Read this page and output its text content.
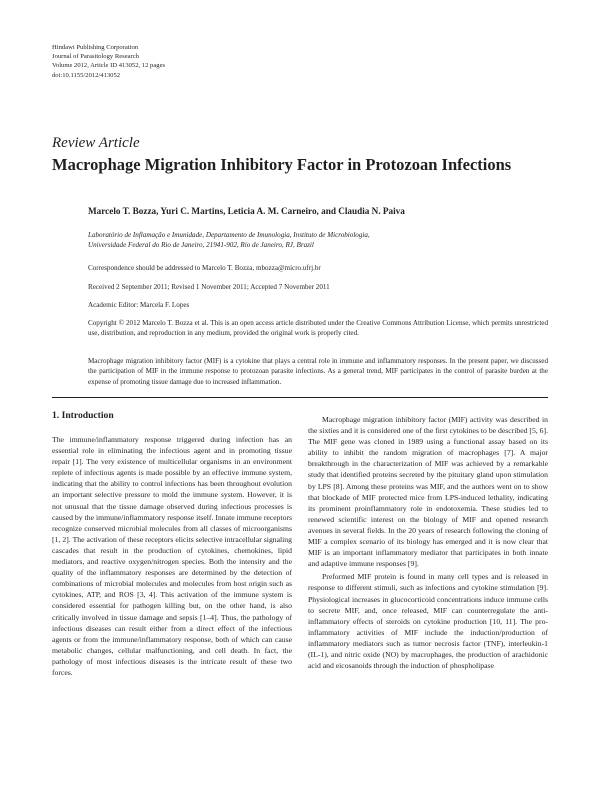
Hindawi Publishing Corporation
Journal of Parasitology Research
Volume 2012, Article ID 413052, 12 pages
doi:10.1155/2012/413052
Review Article
Macrophage Migration Inhibitory Factor in Protozoan Infections
Marcelo T. Bozza, Yuri C. Martins, Leticia A. M. Carneiro, and Claudia N. Paiva
Laboratório de Inflamação e Imunidade, Departamento de Imunologia, Instituto de Microbiologia,
Universidade Federal do Rio de Janeiro, 21941-902, Rio de Janeiro, RJ, Brazil
Correspondence should be addressed to Marcelo T. Bozza, mbozza@micro.ufrj.br
Received 2 September 2011; Revised 1 November 2011; Accepted 7 November 2011
Academic Editor: Marcela F. Lopes
Copyright © 2012 Marcelo T. Bozza et al. This is an open access article distributed under the Creative Commons Attribution License, which permits unrestricted use, distribution, and reproduction in any medium, provided the original work is properly cited.
Macrophage migration inhibitory factor (MIF) is a cytokine that plays a central role in immune and inflammatory responses. In the present paper, we discussed the participation of MIF in the immune response to protozoan parasite infections. As a general trend, MIF participates in the control of parasite burden at the expense of promoting tissue damage due to increased inflammation.
1. Introduction

The immune/inflammatory response triggered during infection has an essential role in eliminating the infectious agent and in promoting tissue repair [1]. The very existence of multicellular organisms in an environment replete of infectious agents is made possible by an effective immune system, indicating that the ability to control infections has been throughout evolution an important selective pressure to mold the immune system. However, it is not unusual that the tissue damage observed during infectious processes is caused by the immune/inflammatory response itself. Innate immune receptors recognize conserved microbial molecules from all classes of microorganisms [1, 2]. The activation of these receptors elicits selective intracellular signaling cascades that result in the production of cytokines, chemokines, lipid mediators, and reactive oxygen/nitrogen species. Both the intensity and the quality of the inflammatory responses are determined by the detection of combinations of microbial molecules and molecules from host origin such as cytokines, ATP, and ROS [3, 4]. This activation of the immune system is considered essential for pathogen killing but, on the other hand, is also critically involved in tissue damage and sepsis [1–4]. Thus, the pathology of infectious diseases can result either from a direct effect of the infectious agents or from the immune/inflammatory response, both of which can cause metabolic changes, cellular malfunctioning, and cell death. In fact, the pathology of most infectious diseases is the intricate result of these two forces.

Macrophage migration inhibitory factor (MIF) activity was described in the sixties and it is considered one of the first cytokines to be described [5, 6]. The MIF gene was cloned in 1989 using a functional assay based on its ability to inhibit the random migration of macrophages [7]. A major breakthrough in the characterization of MIF was achieved by a remarkable study that identified proteins secreted by the pituitary gland upon stimulation by LPS [8]. Among these proteins was MIF, and the authors went on to show that blockade of MIF protected mice from LPS-induced lethality, indicating its prominent proinflammatory role in endotoxemia. These studies led to renewed scientific interest on the biology of MIF and opened research avenues in several fields. In the 20 years of research following the cloning of MIF a complex scenario of its biology has emerged and it is now clear that MIF is an important inflammatory mediator that participates in both innate and adaptive immune responses [9].

Preformed MIF protein is found in many cell types and is released in response to different stimuli, such as infections and cytokine stimulation [9]. Physiological increases in glucocorticoid concentrations induce immune cells to secrete MIF, and, once released, MIF can counterregulate the anti-inflammatory effects of steroids on cytokine production [10, 11]. The pro-inflammatory activities of MIF include the induction/production of inflammatory mediators such as tumor necrosis factor (TNF), interleukin-1 (IL-1), and nitric oxide (NO) by macrophages, the production of arachidonic acid and eicosanoids through the induction of phospholipase
